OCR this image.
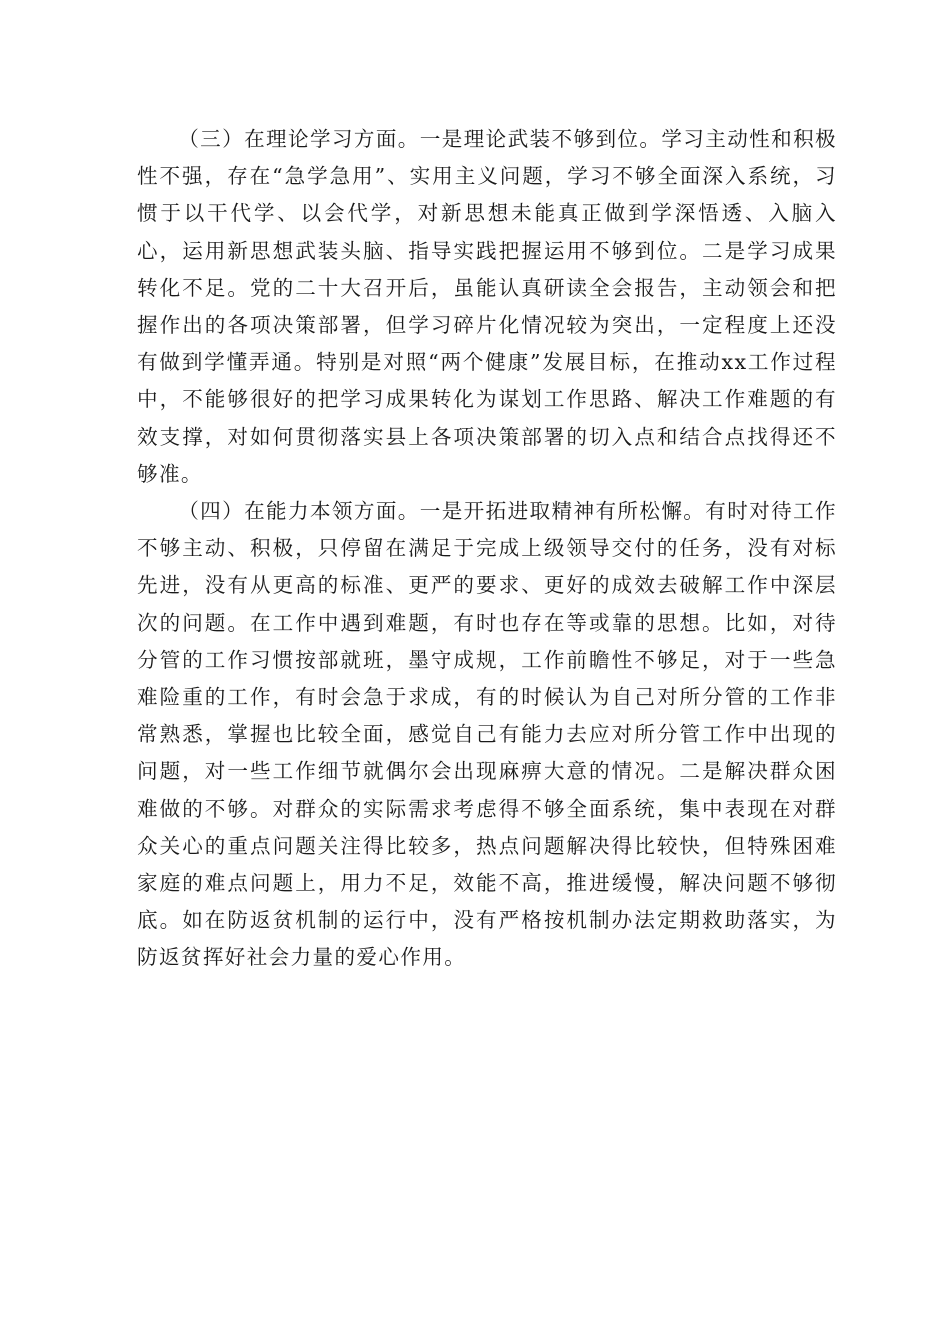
（三）在理论学习方面。一是理论武装不够到位。学习主动性和积极性不强，存在“急学急用”、实用主义问题，学习不够全面深入系统，习惯于以干代学、以会代学，对新思想未能真正做到学深悟透、入脑入心，运用新思想武装头脑、指导实践把握运用不够到位。二是学习成果转化不足。党的二十大召开后，虽能认真研读全会报告，主动领会和把握作出的各项决策部署，但学习碎片化情况较为突出，一定程度上还没有做到学懂弄通。特别是对照“两个健康”发展目标，在推动xx工作过程中，不能够很好的把学习成果转化为谋划工作思路、解决工作难题的有效支撑，对如何贯彻落实县上各项决策部署的切入点和结合点找得还不够准。

（四）在能力本领方面。一是开拓进取精神有所松懈。有时对待工作不够主动、积极，只停留在满足于完成上级领导交付的任务，没有对标先进，没有从更高的标准、更严的要求、更好的成效去破解工作中深层次的问题。在工作中遇到难题，有时也存在等或靠的思想。比如，对待分管的工作习惯按部就班，墨守成规，工作前瞻性不够足，对于一些急难险重的工作，有时会急于求成，有的时候认为自己对所分管的工作非常熟悉，掌握也比较全面，感觉自己有能力去应对所分管工作中出现的问题，对一些工作细节就偶尔会出现麻痹大意的情况。二是解决群众困难做的不够。对群众的实际需求考虑得不够全面系统，集中表现在对群众关心的重点问题关注得比较多，热点问题解决得比较快，但特殊困难家庭的难点问题上，用力不足，效能不高，推进缓慢，解决问题不够彻底。如在防返贫机制的运行中，没有严格按机制办法定期救助落实，为防返贫挥好社会力量的爱心作用。
